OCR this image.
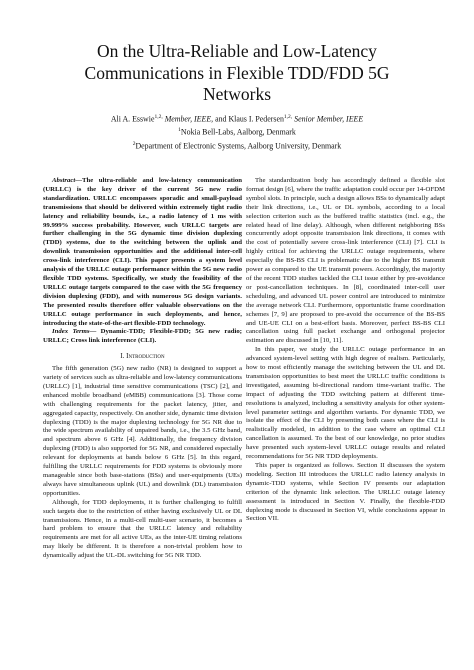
On the Ultra-Reliable and Low-Latency
Communications in Flexible TDD/FDD 5G
Networks
Ali A. Esswie$^{1,2,}$ Member, IEEE, and Klaus I. Pedersen$^{1,2,}$ Senior Member, IEEE
$^1$Nokia Bell-Labs, Aalborg, Denmark
$^2$Department of Electronic Systems, Aalborg University, Denmark

Abstract—The ultra-reliable and low-latency communication (URLLC) is the key driver of the current 5G new radio standardization. URLLC encompasses sporadic and small-payload transmissions that should be delivered within extremely tight radio latency and reliability bounds, i.e., a radio latency of 1 ms with 99.999% success probability. However, such URLLC targets are further challenging in the 5G dynamic time division duplexing (TDD) systems, due to the switching between the uplink and downlink transmission opportunities and the additional inter-cell cross-link interference (CLI). This paper presents a system level analysis of the URLLC outage performance within the 5G new radio flexible TDD systems. Specifically, we study the feasibility of the URLLC outage targets compared to the case with the 5G frequency division duplexing (FDD), and with numerous 5G design variants. The presented results therefore offer valuable observations on the URLLC outage performance in such deployments, and hence, introducing the state-of-the-art flexible-FDD technology.

Index Terms— Dynamic-TDD; Flexible-FDD; 5G new radio; URLLC; Cross link interference (CLI).

I. Introduction

The fifth generation (5G) new radio (NR) is designed to support a variety of services such as ultra-reliable and low-latency communications (URLLC) [1], industrial time sensitive communications (TSC) [2], and enhanced mobile broadband (eMBB) communications [3]. Those come with challenging requirements for the packet latency, jitter, and aggregated capacity, respectively. On another side, dynamic time division duplexing (TDD) is the major duplexing technology for 5G NR due to the wide spectrum availability of unpaired bands, i.e., the 3.5 GHz band, and spectrum above 6 GHz [4]. Additionally, the frequency division duplexing (FDD) is also supported for 5G NR, and considered especially relevant for deployments at bands below 6 GHz [5]. In this regard, fulfilling the URLLC requirements for FDD systems is obviously more manageable since both base-stations (BSs) and user-equipments (UEs) always have simultaneous uplink (UL) and downlink (DL) transmission opportunities.

Although, for TDD deployments, it is further challenging to fulfill such targets due to the restriction of either having exclusively UL or DL transmissions. Hence, in a multi-cell multi-user scenario, it becomes a hard problem to ensure that the URLLC latency and reliability requirements are met for all active UEs, as the inter-UE timing relations may likely be different. It is therefore a non-trivial problem how to dynamically adjust the UL-DL switching for 5G NR TDD.

The standardization body has accordingly defined a flexible slot format design [6], where the traffic adaptation could occur per 14-OFDM symbol slots. In principle, such a design allows BSs to dynamically adapt their link directions, i.e., UL or DL symbols, according to a local selection criterion such as the buffered traffic statistics (incl. e.g., the related head of line delay). Although, when different neighboring BSs concurrently adopt opposite transmission link directions, it comes with the cost of potentially severe cross-link interference (CLI) [7]. CLI is highly critical for achieving the URLLC outage requirements, where especially the BS-BS CLI is problematic due to the higher BS transmit power as compared to the UE transmit powers. Accordingly, the majority of the recent TDD studies tackled the CLI issue either by pre-avoidance or post-cancellation techniques. In [8], coordinated inter-cell user scheduling, and advanced UL power control are introduced to minimize the average network CLI. Furthermore, opportunistic frame coordination schemes [7, 9] are proposed to pre-avoid the occurrence of the BS-BS and UE-UE CLI on a best-effort basis. Moreover, perfect BS-BS CLI cancellation using full packet exchange and orthogonal projector estimation are discussed in [10, 11].

In this paper, we study the URLLC outage performance in an advanced system-level setting with high degree of realism. Particularly, how to most efficiently manage the switching between the UL and DL transmission opportunities to best meet the URLLC traffic conditions is investigated, assuming bi-directional random time-variant traffic. The impact of adjusting the TDD switching pattern at different time-resolutions is analyzed, including a sensitivity analysis for other system-level parameter settings and algorithm variants. For dynamic TDD, we isolate the effect of the CLI by presenting both cases where the CLI is realistically modeled, in addition to the case where an optimal CLI cancellation is assumed. To the best of our knowledge, no prior studies have presented such system-level URLLC outage results and related recommendations for 5G NR TDD deployments.

This paper is organized as follows. Section II discusses the system modeling. Section III introduces the URLLC radio latency analysis in dynamic-TDD systems, while Section IV presents our adaptation criterion of the dynamic link selection. The URLLC outage latency assessment is introduced in Section V. Finally, the flexible-FDD duplexing mode is discussed in Section VI, while conclusions appear in Section VII.
